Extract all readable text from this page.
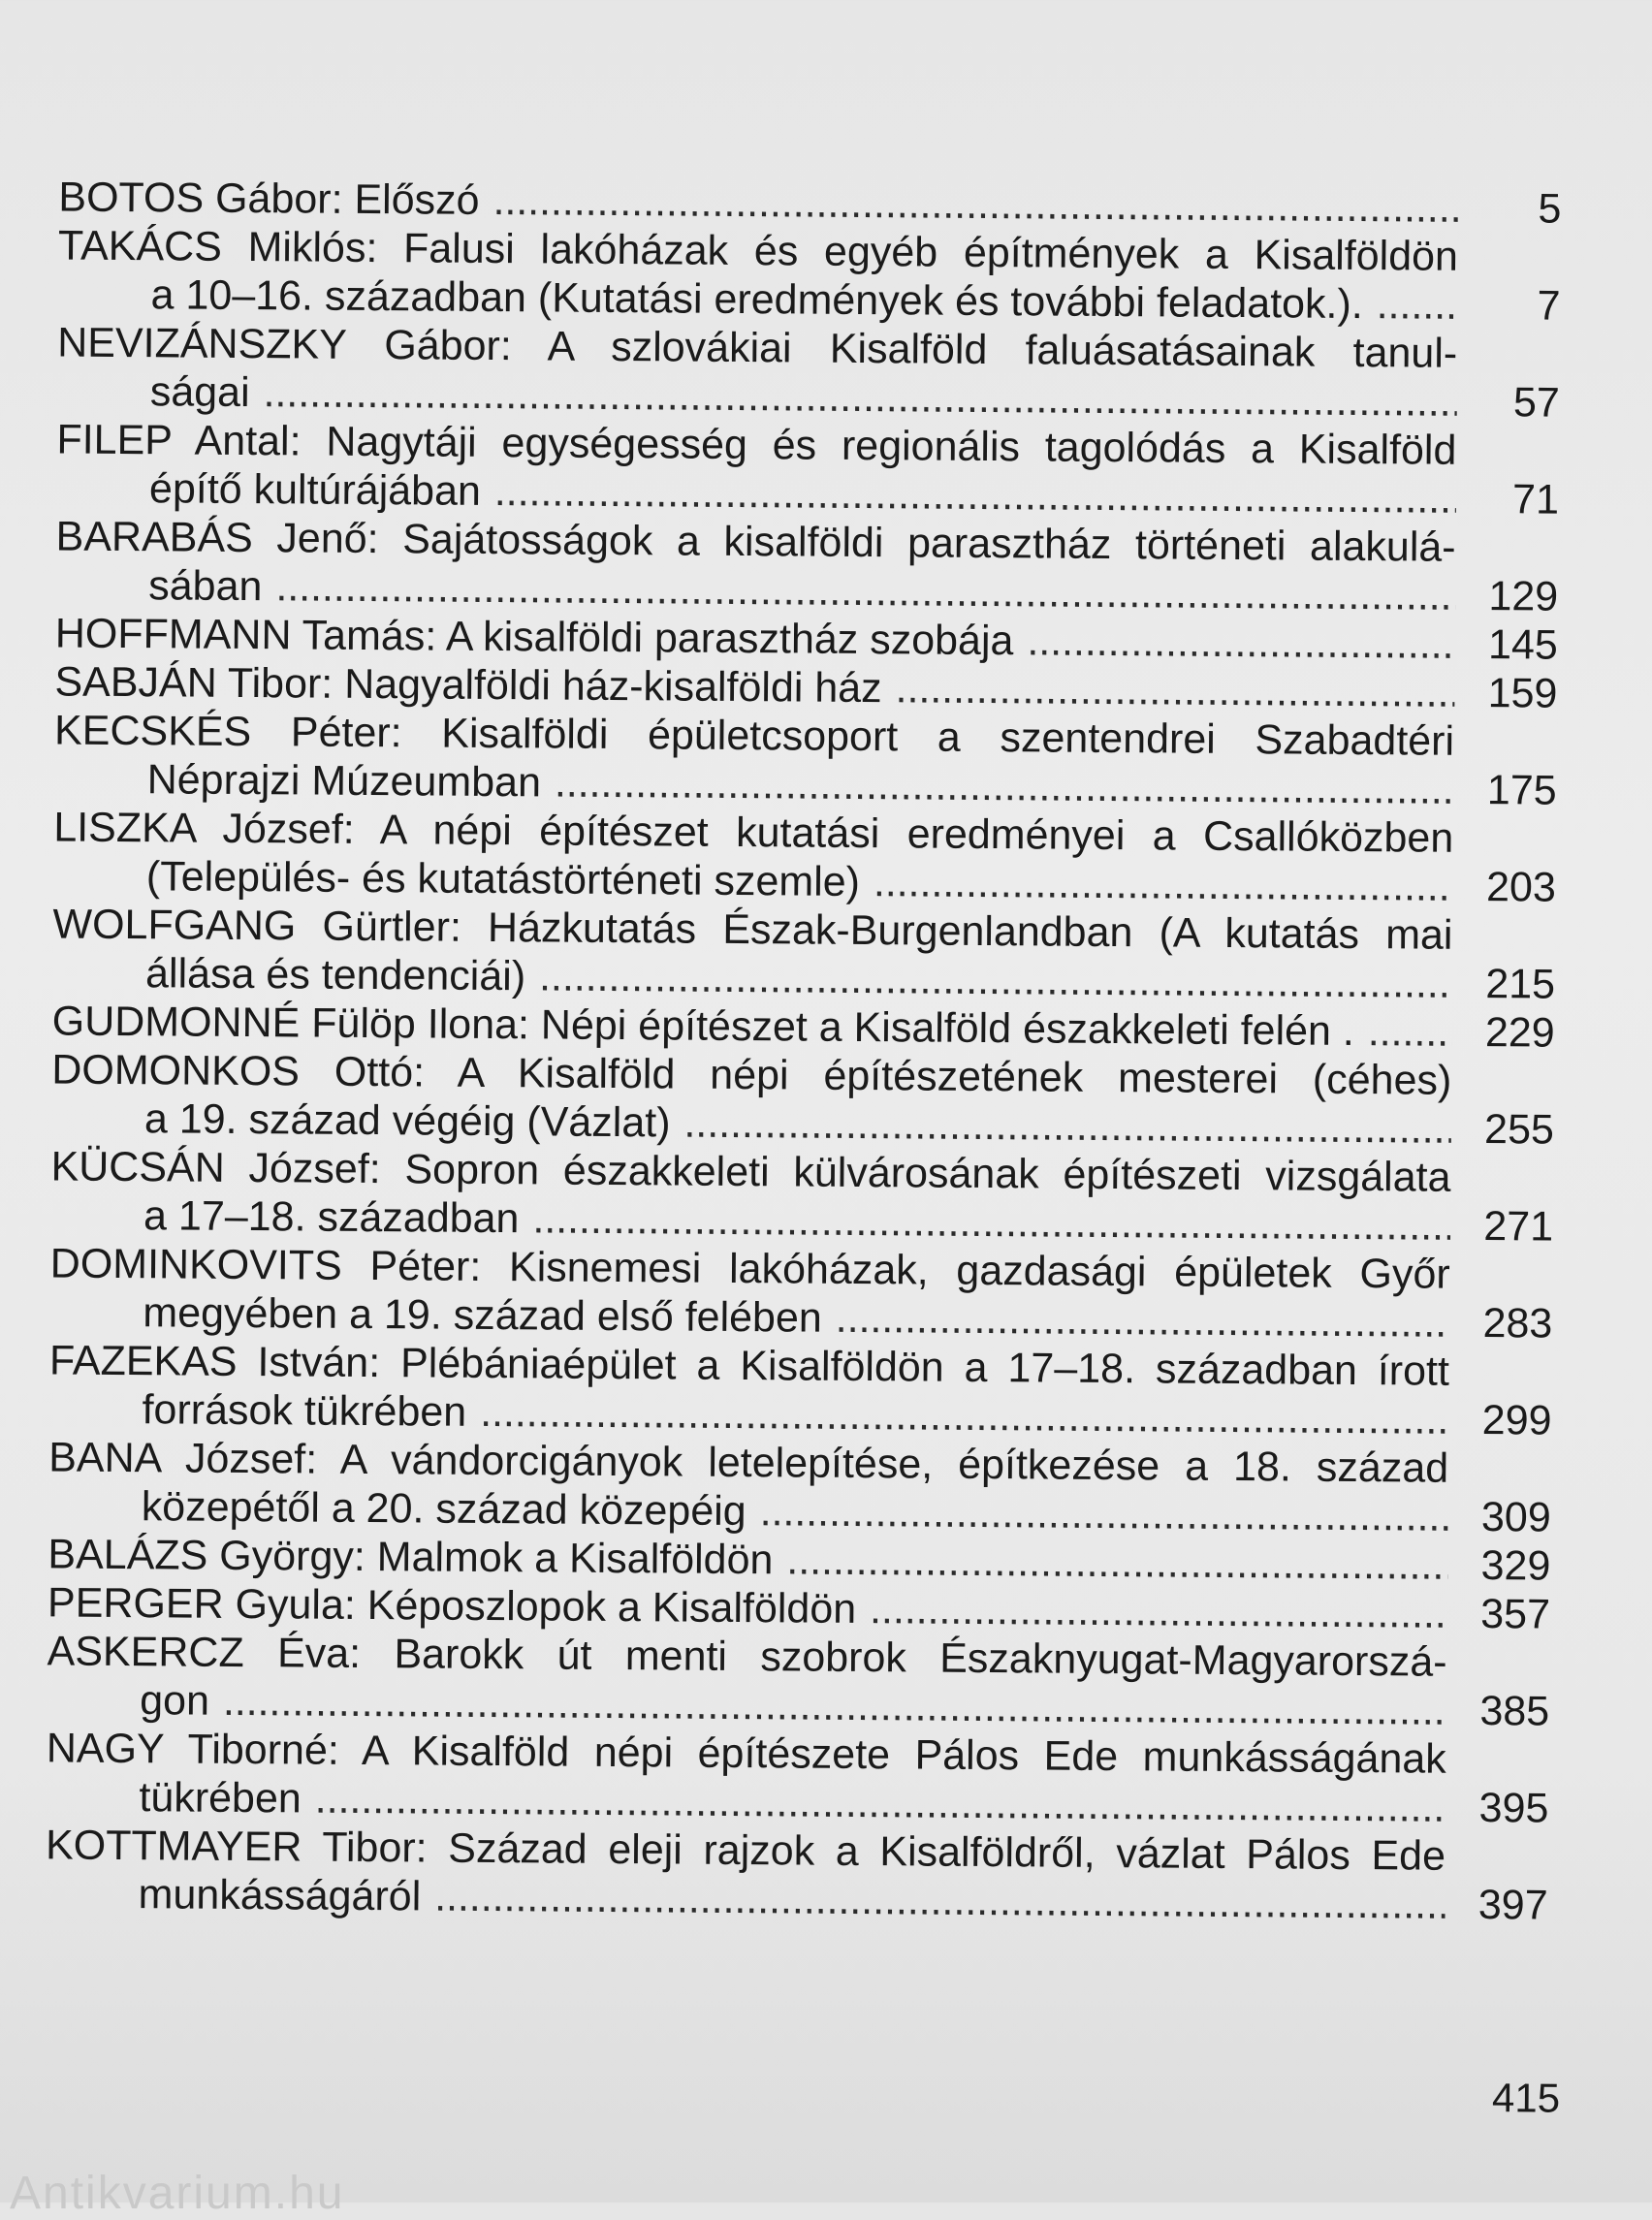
BOTOS Gábor: Előszó . . .	5
TAKÁCS Miklós: Falusi lakóházak és egyéb építmények a Kisalföldön
a 10–16. században (Kutatási eredmények és további feladatok.). . . .	7
NEVIZÁNSZKY Gábor: A szlovákiai Kisalföld faluásatásainak tanul-
ságai . . .	57
FILEP Antal: Nagytáji egységesség és regionális tagolódás a Kisalföld
építő kultúrájában . . .	71
BARABÁS Jenő: Sajátosságok a kisalföldi parasztház történeti alakulá-
sában . . .	129
HOFFMANN Tamás: A kisalföldi parasztház szobája . . .	145
SABJÁN Tibor: Nagyalföldi ház-kisalföldi ház . . .	159
KECSKÉS Péter: Kisalföldi épületcsoport a szentendrei Szabadtéri
Néprajzi Múzeumban . . .	175
LISZKA József: A népi építészet kutatási eredményei a Csallóközben
(Település- és kutatástörténeti szemle) . . .	203
WOLFGANG Gürtler: Házkutatás Észak-Burgenlandban (A kutatás mai
állása és tendenciái) . . .	215
GUDMONNÉ Fülöp Ilona: Népi építészet a Kisalföld északkeleti felén . . . .	229
DOMONKOS Ottó: A Kisalföld népi építészetének mesterei (céhes)
a 19. század végéig (Vázlat) . . .	255
KÜCSÁN József: Sopron északkeleti külvárosának építészeti vizsgálata
a 17–18. században . . .	271
DOMINKOVITS Péter: Kisnemesi lakóházak, gazdasági épületek Győr
megyében a 19. század első felében . . .	283
FAZEKAS István: Plébániaépület a Kisalföldön a 17–18. században írott
források tükrében . . .	299
BANA József: A vándorcigányok letelepítése, építkezése a 18. század
közepétől a 20. század közepéig . . .	309
BALÁZS György: Malmok a Kisalföldön . . .	329
PERGER Gyula: Képoszlopok a Kisalföldön . . .	357
ASKERCZ Éva: Barokk út menti szobrok Északnyugat-Magyarorszá-
gon . . .	385
NAGY Tiborné: A Kisalföld népi építészete Pálos Ede munkásságának
tükrében . . .	395
KOTTMAYER Tibor: Század eleji rajzok a Kisalföldről, vázlat Pálos Ede
munkásságáról . . .	397
415
Antikvarium.hu
